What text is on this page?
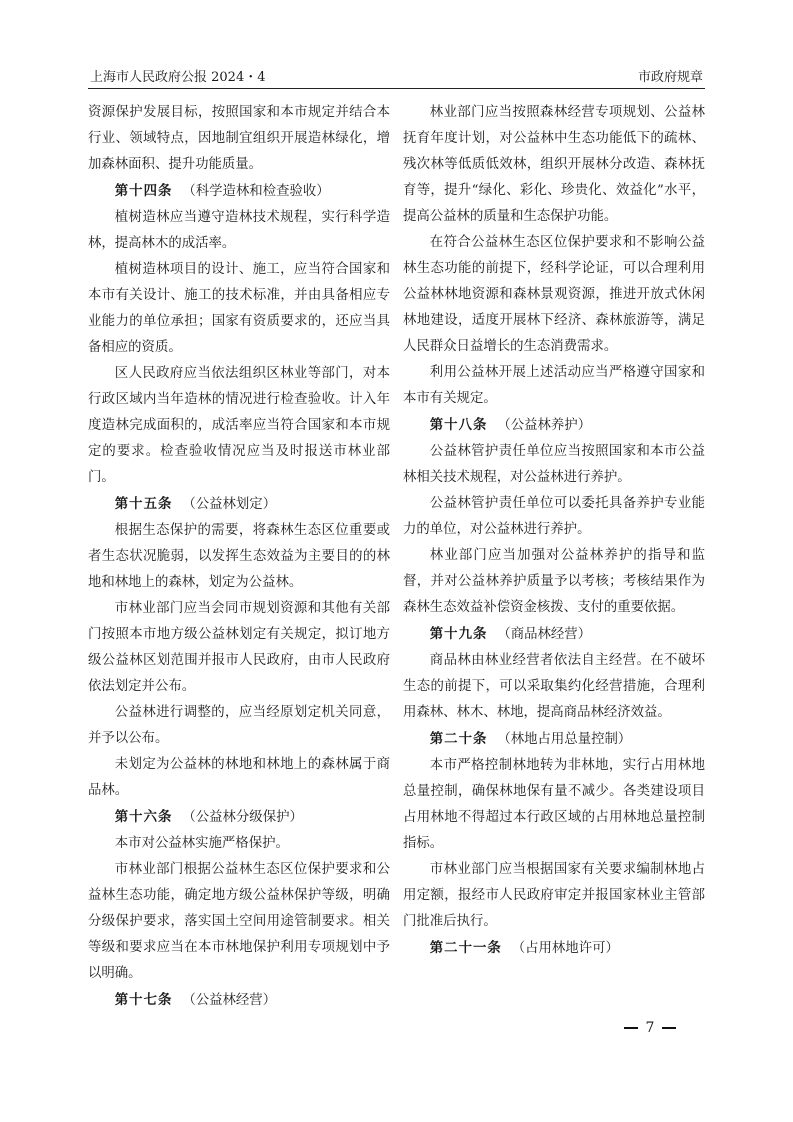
上海市人民政府公报 2024・4	市政府规章

资源保护发展目标，按照国家和本市规定并结合本行业、领域特点，因地制宜组织开展造林绿化，增加森林面积、提升功能质量。

第十四条 （科学造林和检查验收）

植树造林应当遵守造林技术规程，实行科学造林，提高林木的成活率。

植树造林项目的设计、施工，应当符合国家和本市有关设计、施工的技术标准，并由具备相应专业能力的单位承担；国家有资质要求的，还应当具备相应的资质。

区人民政府应当依法组织区林业等部门，对本行政区域内当年造林的情况进行检查验收。计入年度造林完成面积的，成活率应当符合国家和本市规定的要求。检查验收情况应当及时报送市林业部门。

第十五条 （公益林划定）

根据生态保护的需要，将森林生态区位重要或者生态状况脆弱，以发挥生态效益为主要目的的林地和林地上的森林，划定为公益林。

市林业部门应当会同市规划资源和其他有关部门按照本市地方级公益林划定有关规定，拟订地方级公益林区划范围并报市人民政府，由市人民政府依法划定并公布。

公益林进行调整的，应当经原划定机关同意，并予以公布。

未划定为公益林的林地和林地上的森林属于商品林。

第十六条 （公益林分级保护）

本市对公益林实施严格保护。

市林业部门根据公益林生态区位保护要求和公益林生态功能，确定地方级公益林保护等级，明确分级保护要求，落实国土空间用途管制要求。相关等级和要求应当在本市林地保护利用专项规划中予以明确。

第十七条 （公益林经营）

林业部门应当按照森林经营专项规划、公益林抚育年度计划，对公益林中生态功能低下的疏林、残次林等低质低效林，组织开展林分改造、森林抚育等，提升“绿化、彩化、珍贵化、效益化”水平，提高公益林的质量和生态保护功能。

在符合公益林生态区位保护要求和不影响公益林生态功能的前提下，经科学论证，可以合理利用公益林林地资源和森林景观资源，推进开放式休闲林地建设，适度开展林下经济、森林旅游等，满足人民群众日益增长的生态消费需求。

利用公益林开展上述活动应当严格遵守国家和本市有关规定。

第十八条 （公益林养护）

公益林管护责任单位应当按照国家和本市公益林相关技术规程，对公益林进行养护。

公益林管护责任单位可以委托具备养护专业能力的单位，对公益林进行养护。

林业部门应当加强对公益林养护的指导和监督，并对公益林养护质量予以考核；考核结果作为森林生态效益补偿资金核拨、支付的重要依据。

第十九条 （商品林经营）

商品林由林业经营者依法自主经营。在不破坏生态的前提下，可以采取集约化经营措施，合理利用森林、林木、林地，提高商品林经济效益。

第二十条 （林地占用总量控制）

本市严格控制林地转为非林地，实行占用林地总量控制，确保林地保有量不减少。各类建设项目占用林地不得超过本行政区域的占用林地总量控制指标。

市林业部门应当根据国家有关要求编制林地占用定额，报经市人民政府审定并报国家林业主管部门批准后执行。

第二十一条 （占用林地许可）

7
